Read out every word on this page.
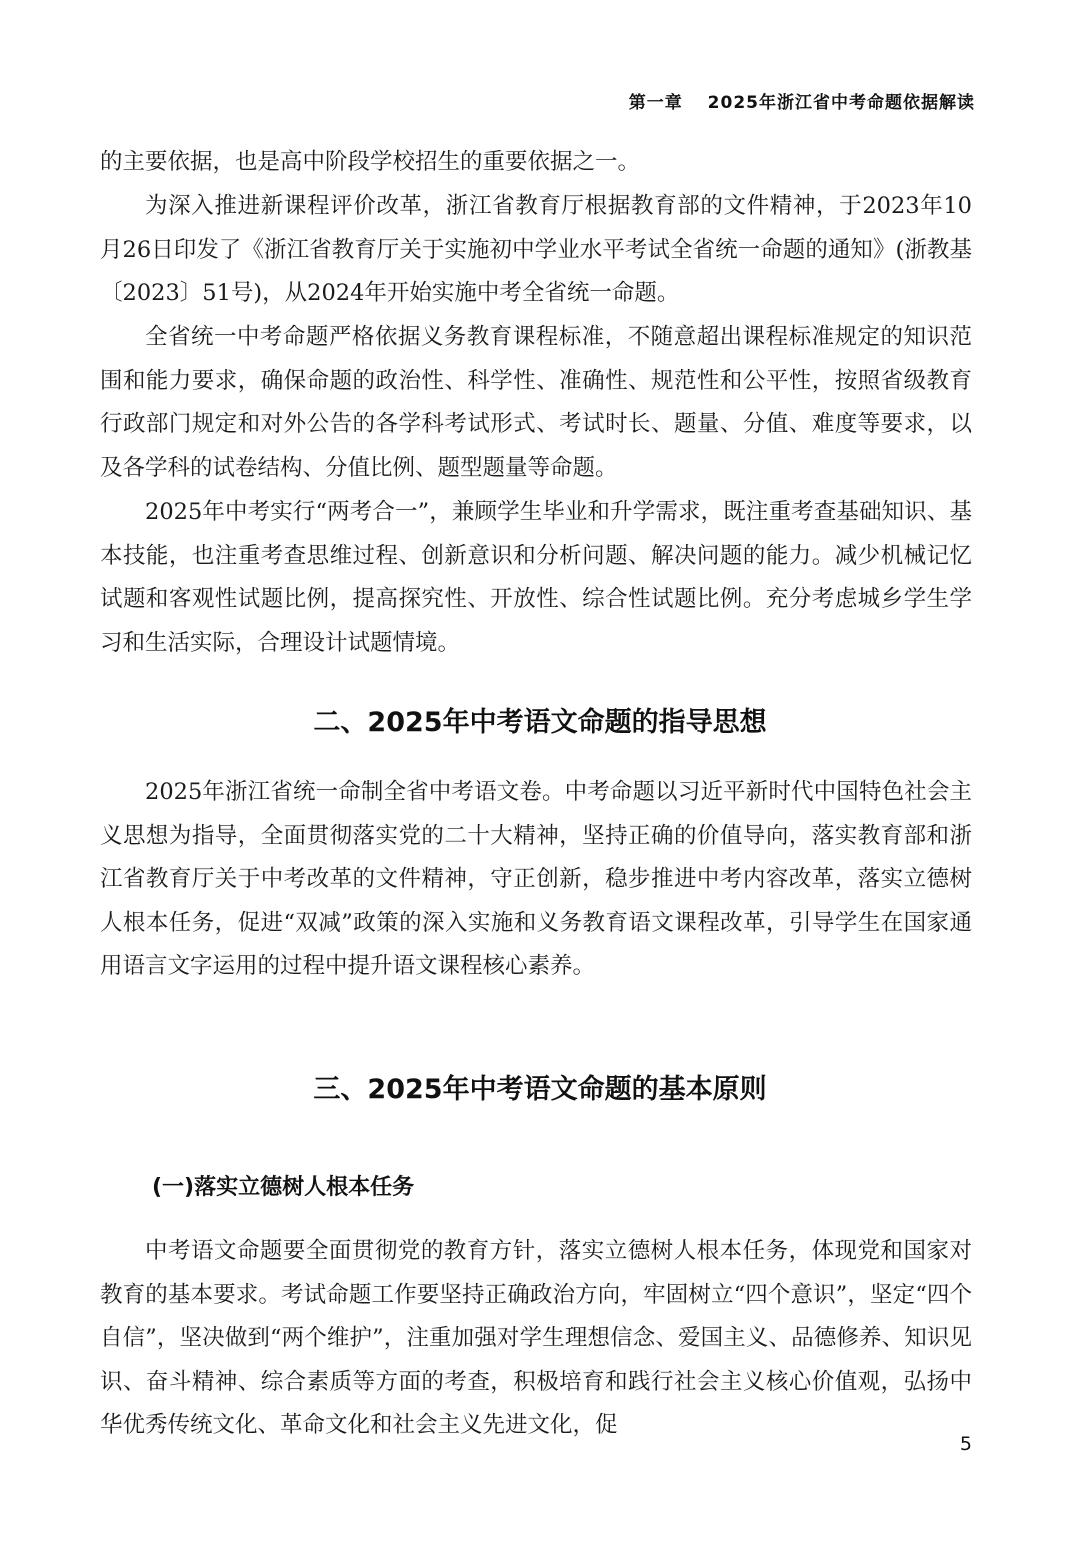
第一章 2025年浙江省中考命题依据解读

的主要依据，也是高中阶段学校招生的重要依据之一。

为深入推进新课程评价改革，浙江省教育厅根据教育部的文件精神，于2023年10月26日印发了《浙江省教育厅关于实施初中学业水平考试全省统一命题的通知》(浙教基〔2023〕51号)，从2024年开始实施中考全省统一命题。

全省统一中考命题严格依据义务教育课程标准，不随意超出课程标准规定的知识范围和能力要求，确保命题的政治性、科学性、准确性、规范性和公平性，按照省级教育行政部门规定和对外公告的各学科考试形式、考试时长、题量、分值、难度等要求，以及各学科的试卷结构、分值比例、题型题量等命题。

2025年中考实行“两考合一”，兼顾学生毕业和升学需求，既注重考查基础知识、基本技能，也注重考查思维过程、创新意识和分析问题、解决问题的能力。减少机械记忆试题和客观性试题比例，提高探究性、开放性、综合性试题比例。充分考虑城乡学生学习和生活实际，合理设计试题情境。

二、2025年中考语文命题的指导思想

2025年浙江省统一命制全省中考语文卷。中考命题以习近平新时代中国特色社会主义思想为指导，全面贯彻落实党的二十大精神，坚持正确的价值导向，落实教育部和浙江省教育厅关于中考改革的文件精神，守正创新，稳步推进中考内容改革，落实立德树人根本任务，促进“双减”政策的深入实施和义务教育语文课程改革，引导学生在国家通用语言文字运用的过程中提升语文课程核心素养。

三、2025年中考语文命题的基本原则
(一)落实立德树人根本任务

中考语文命题要全面贯彻党的教育方针，落实立德树人根本任务，体现党和国家对教育的基本要求。考试命题工作要坚持正确政治方向，牢固树立“四个意识”，坚定“四个自信”，坚决做到“两个维护”，注重加强对学生理想信念、爱国主义、品德修养、知识见识、奋斗精神、综合素质等方面的考查，积极培育和践行社会主义核心价值观，弘扬中华优秀传统文化、革命文化和社会主义先进文化，促

5
